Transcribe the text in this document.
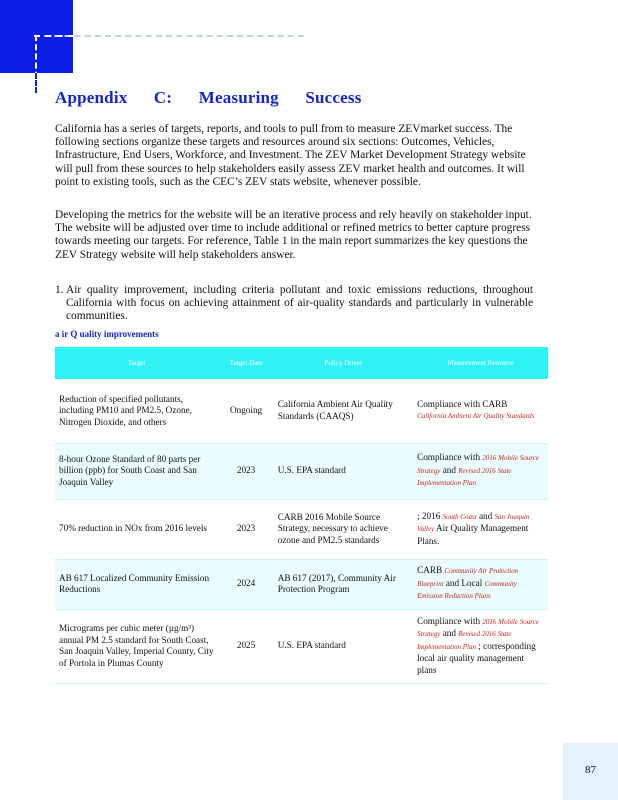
Appendix C: Measuring Success

California has a series of targets, reports, and tools to pull from to measure ZEVmarket success. The following sections organize these targets and resources around six sections: Outcomes, Vehicles, Infrastructure, End Users, Workforce, and Investment. The ZEV Market Development Strategy website will pull from these sources to help stakeholders easily assess ZEV market health and outcomes. It will point to existing tools, such as the CEC’s ZEV stats website, whenever possible.

Developing the metrics for the website will be an iterative process and rely heavily on stakeholder input. The website will be adjusted over time to include additional or refined metrics to better capture progress towards meeting our targets. For reference, Table 1 in the main report summarizes the key questions the ZEV Strategy website will help stakeholders answer.

1. Air quality improvement, including criteria pollutant and toxic emissions reductions, throughout California with focus on achieving attainment of air-quality standards and particularly in vulnerable communities.
a ir Q uality improvements
Target	Target Date	Policy Driver	Measurement Resource
Reduction of specified pollutants, including PM10 and PM2.5, Ozone, Nitrogen Dioxide, and others	Ongoing	California Ambient Air Quality Standards (CAAQS)	Compliance with CARB
California Ambient Air Quality Standards
8-hour Ozone Standard of 80 parts per billion (ppb) for South Coast and San Joaquin Valley	2023	U.S. EPA standard	Compliance with 2016 Mobile Source Strategy and Revised 2016 State Implementation Plan
70% reduction in NOx from 2016 levels	2023	CARB 2016 Mobile Source Strategy, necessary to achieve ozone and PM2.5 standards	; 2016 South Coast and San Joaquin Valley Air Quality Management Plans.
AB 617 Localized Community Emission Reductions	2024	AB 617 (2017), Community Air Protection Program	CARB Community Air Protection Blueprint and Local Community Emission Reduction Plans
Micrograms per cubic meter (µg/m³) annual PM 2.5 standard for South Coast, San Joaquin Valley, Imperial County, City of Portola in Plumas County	2025	U.S. EPA standard	Compliance with 2016 Mobile Source Strategy and Revised 2016 State Implementation Plan ; corresponding local air quality management plans
87
